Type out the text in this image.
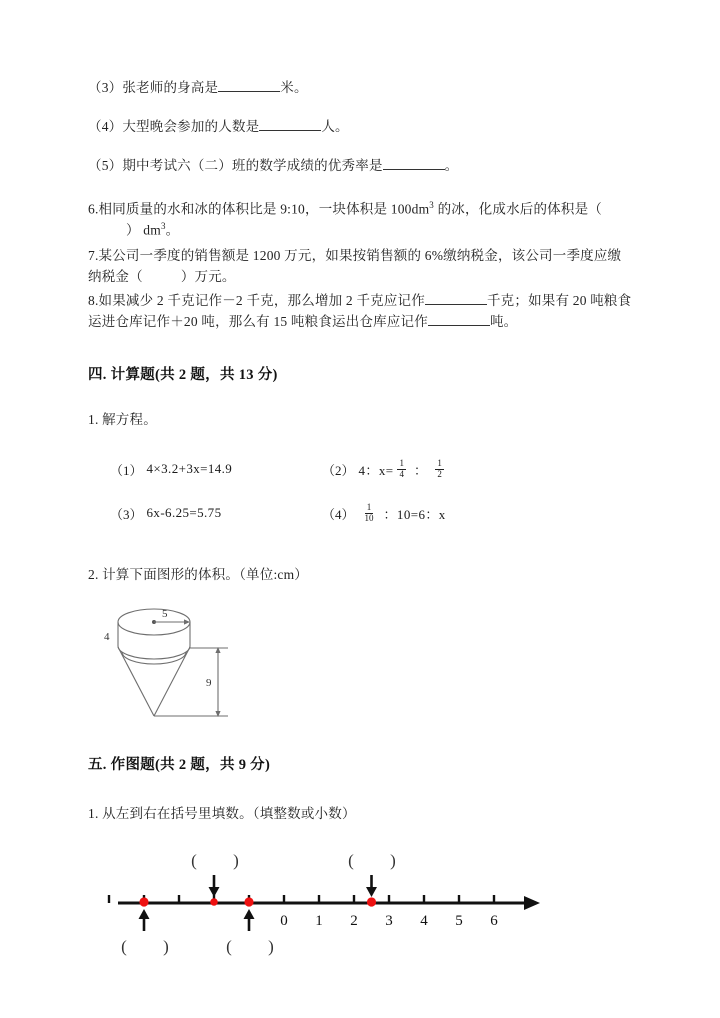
（3）张老师的身高是	米。
（4）大型晚会参加的人数是	人。
（5）期中考试六（二）班的数学成绩的优秀率是	。
6.相同质量的水和冰的体积比是 9:10，一块体积是 $100dm^3$ 的冰，化成水后的体积是（） $dm^3$。
7.某公司一季度的销售额是 1200 万元，如果按销售额的 6%缴纳税金，该公司一季度应缴纳税金（	）万元。
8.如果减少 2 千克记作－2 千克，那么增加 2 千克应记作	千克；如果有 20 吨粮食运进仓库记作＋20 吨，那么有 15 吨粮食运出仓库应记作	吨。
四. 计算题(共 2 题，共 13 分)
1. 解方程。
（1） 4×3.2+3x=14.9	（2） 4：$x= \frac{1}{4}$ ： $\frac{1}{2}$
（3） 6x-6.25=5.75	$(4) \frac{1}{10}$ ：10=6：x
2. 计算下面图形的体积。（单位:cm）
5
4
9
五. 作图题(共 2 题，共 9 分)
1. 从左到右在括号里填数。（填整数或小数）
0 1 2 3 4 5 6
( )	( )
( )	( )
